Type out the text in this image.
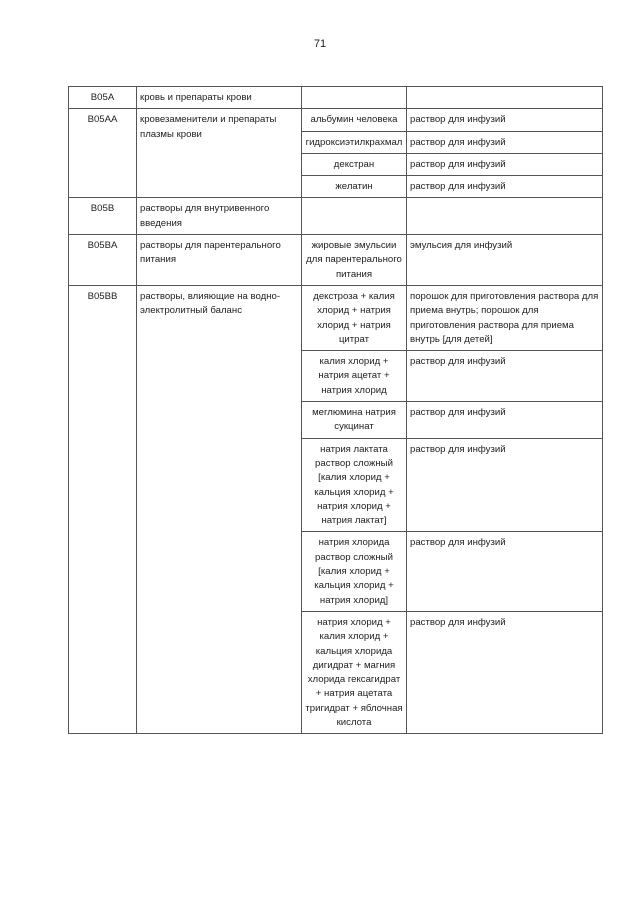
71
B05A	кровь и препараты крови		
B05AA	кровезаменители и препараты плазмы крови	альбумин человека	раствор для инфузий
		гидроксиэтилкрахмал	раствор для инфузий
		декстран	раствор для инфузий
		желатин	раствор для инфузий
B05B	растворы для внутривенного введения		
B05BA	растворы для парентерального питания	жировые эмульсии для парентерального питания	эмульсия для инфузий
B05BB	растворы, влияющие на водно-электролитный баланс	декстроза + калия хлорид + натрия хлорид + натрия цитрат	порошок для приготовления раствора для приема внутрь; порошок для приготовления раствора для приема внутрь [для детей]
		калия хлорид + натрия ацетат + натрия хлорид	раствор для инфузий
		меглюмина натрия сукцинат	раствор для инфузий
		натрия лактата раствор сложный [калия хлорид + кальция хлорид + натрия хлорид + натрия лактат]	раствор для инфузий
		натрия хлорида раствор сложный [калия хлорид + кальция хлорид + натрия хлорид]	раствор для инфузий
		натрия хлорид + калия хлорид + кальция хлорида дигидрат + магния хлорида гексагидрат + натрия ацетата тригидрат + яблочная кислота	раствор для инфузий
